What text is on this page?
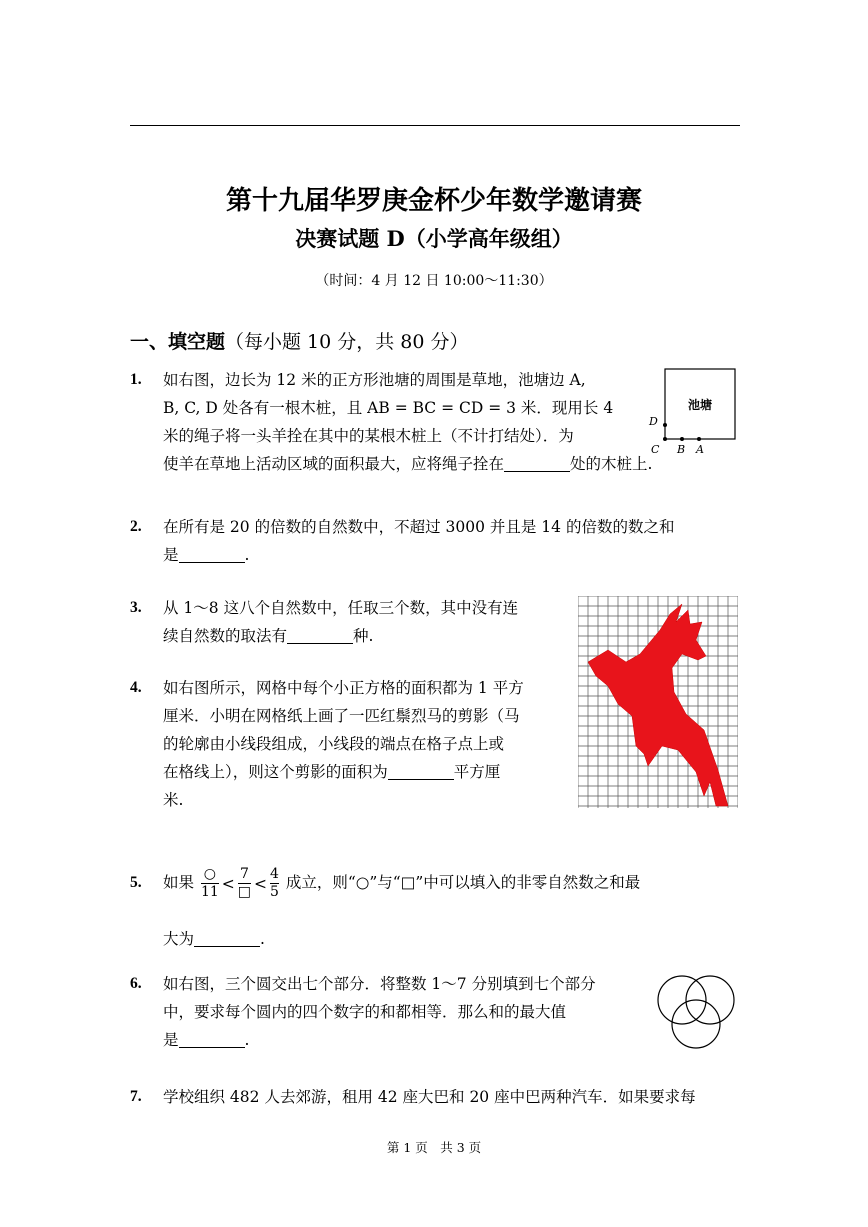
第十九届华罗庚金杯少年数学邀请赛
决赛试题 D（小学高年级组）
（时间：4 月 12 日 10:00～11:30）
一、填空题（每小题 10 分，共 80 分）
1. 如右图，边长为 12 米的正方形池塘的周围是草地，池塘边 A,
B, C, D 处各有一根木桩，且 AB = BC = CD = 3 米．现用长 4
米的绳子将一头羊拴在其中的某根木桩上（不计打结处）．为
使羊在草地上活动区域的面积最大，应将绳子拴在	处的木桩上.
池塘
D
C B A
2. 在所有是 20 的倍数的自然数中，不超过 3000 并且是 14 的倍数的数之和
是	.
3. 从 1～8 这八个自然数中，任取三个数，其中没有连
续自然数的取法有	种.
4. 如右图所示，网格中每个小正方格的面积都为 1 平方
厘米．小明在网格纸上画了一匹红鬃烈马的剪影（马
的轮廓由小线段组成，小线段的端点在格子点上或
在格线上），则这个剪影的面积为	平方厘
米.
5. 如果 $\frac{○}{11} < \frac{7}{□} < \frac{4}{5}$ 成立，则“○”与“□”中可以填入的非零自然数之和最
大为	.
6. 如右图，三个圆交出七个部分．将整数 1～7 分别填到七个部分
中，要求每个圆内的四个数字的和都相等．那么和的最大值
是	.
7. 学校组织 482 人去郊游，租用 42 座大巴和 20 座中巴两种汽车．如果要求每
第 1 页　共 3 页
